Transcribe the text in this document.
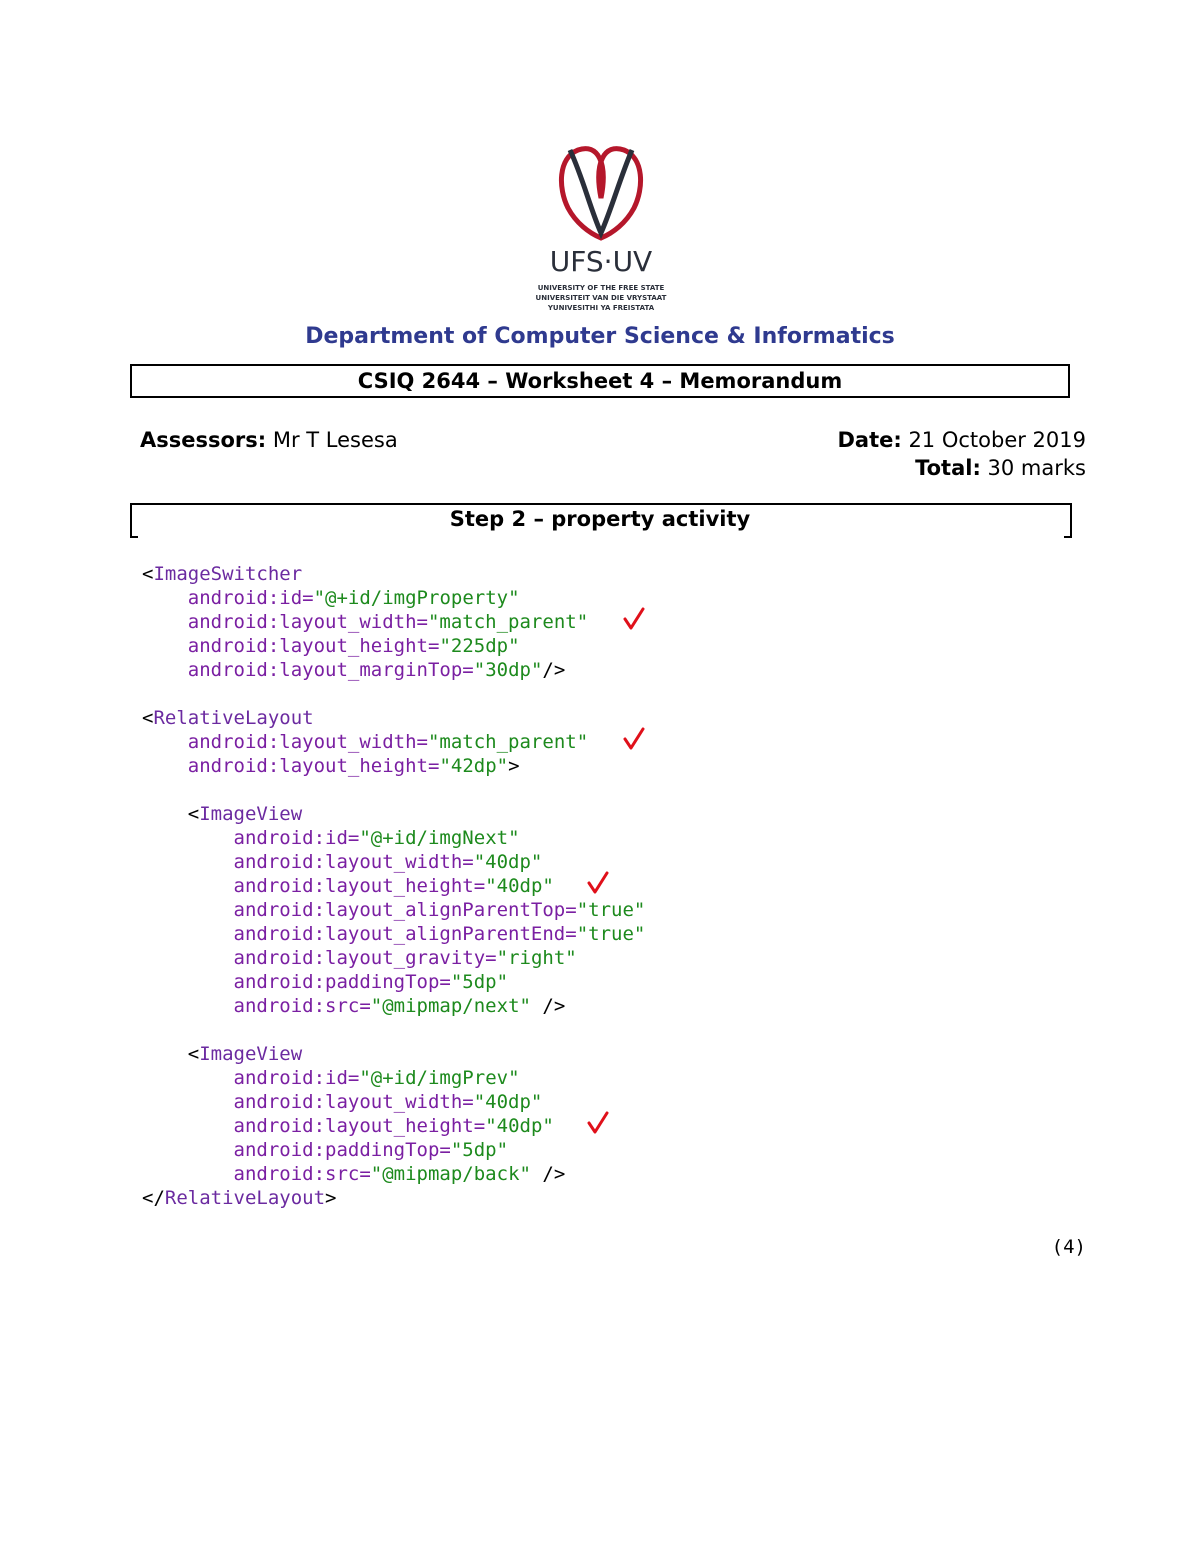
UFS·UV
UNIVERSITY OF THE FREE STATE
UNIVERSITEIT VAN DIE VRYSTAAT
YUNIVESITHI YA FREISTATA
Department of Computer Science & Informatics
CSIQ 2644 – Worksheet 4 – Memorandum
Assessors: Mr T Lesesa	Date: 21 October 2019
Total: 30 marks
Step 2 – property activity
<ImageSwitcher
android:id="@+id/imgProperty"
android:layout_width="match_parent"
android:layout_height="225dp"
android:layout_marginTop="30dp"/>
<RelativeLayout
android:layout_width="match_parent"
android:layout_height="42dp">
<ImageView
android:id="@+id/imgNext"
android:layout_width="40dp"
android:layout_height="40dp"
android:layout_alignParentTop="true"
android:layout_alignParentEnd="true"
android:layout_gravity="right"
android:paddingTop="5dp"
android:src="@mipmap/next" />
<ImageView
android:id="@+id/imgPrev"
android:layout_width="40dp"
android:layout_height="40dp"
android:paddingTop="5dp"
android:src="@mipmap/back" />
</RelativeLayout>
(4)
